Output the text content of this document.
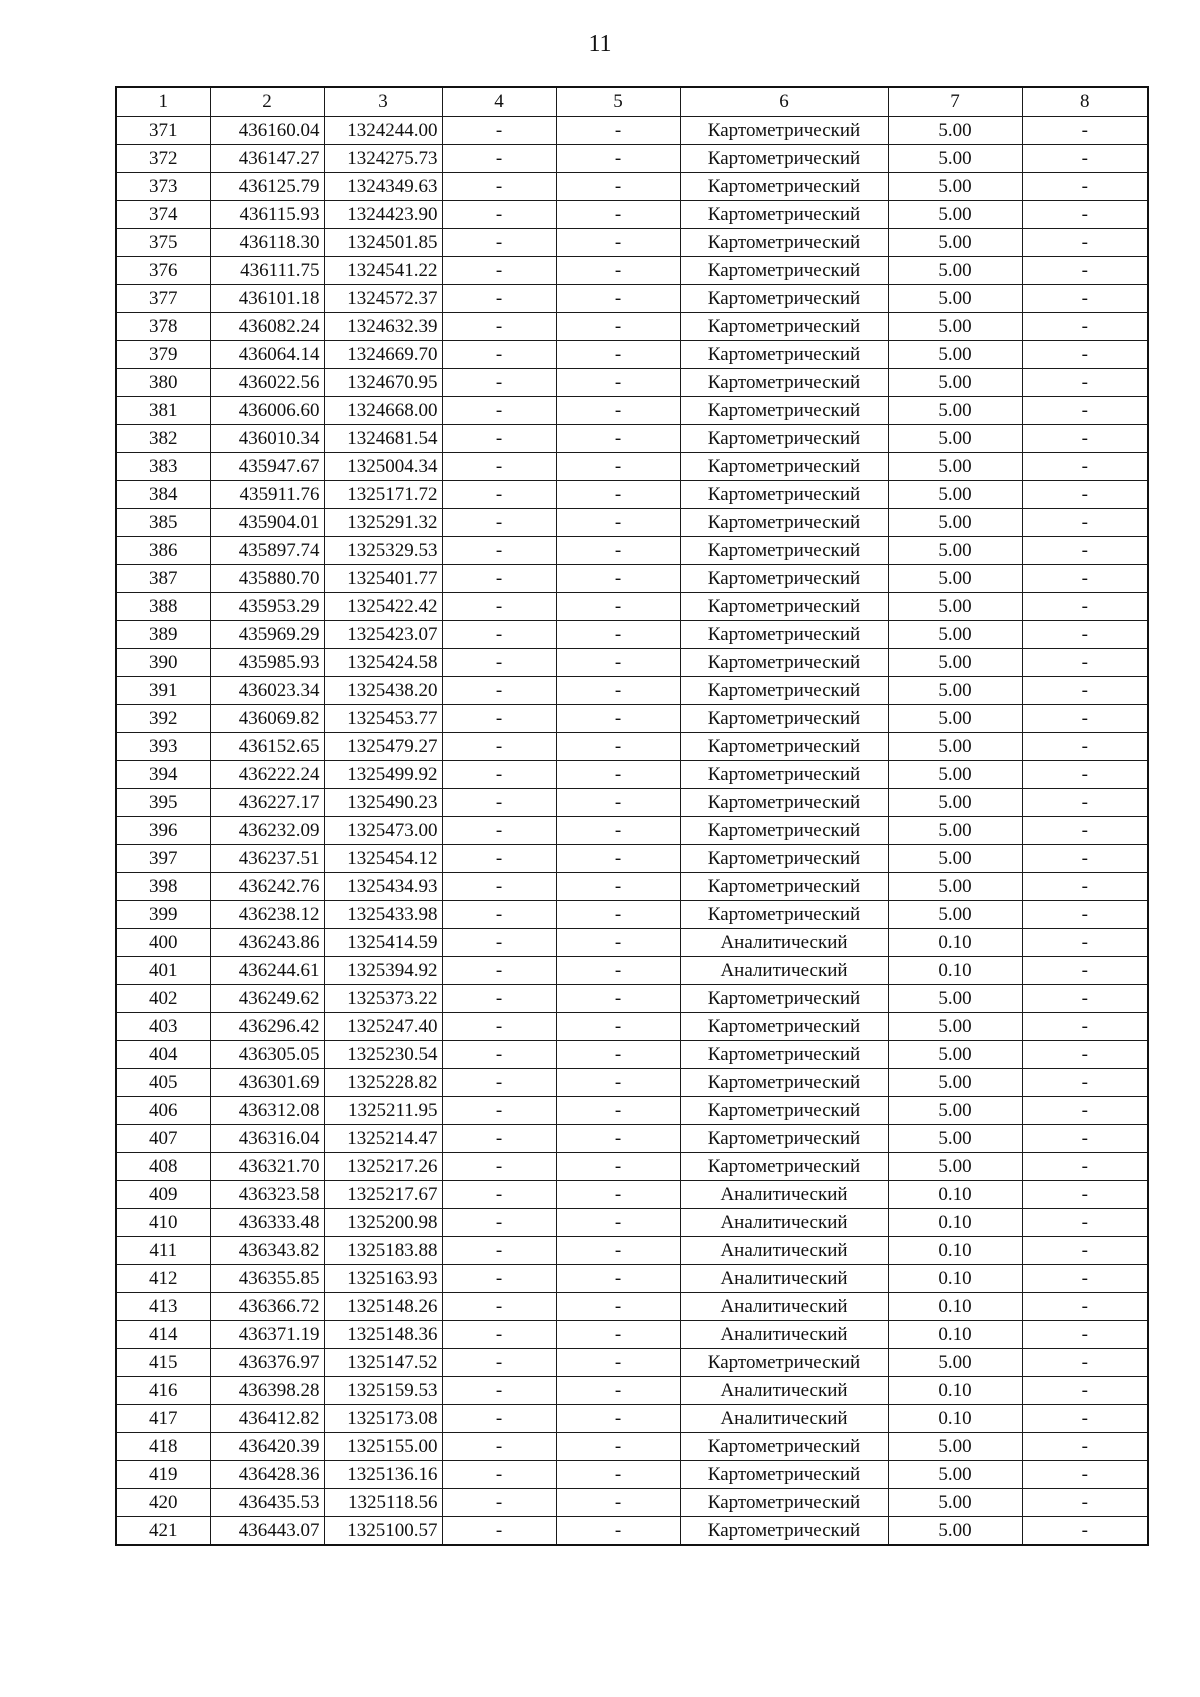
11
1	2	3	4	5	6	7	8
371	436160.04	1324244.00	-	-	Картометрический	5.00	-
372	436147.27	1324275.73	-	-	Картометрический	5.00	-
373	436125.79	1324349.63	-	-	Картометрический	5.00	-
374	436115.93	1324423.90	-	-	Картометрический	5.00	-
375	436118.30	1324501.85	-	-	Картометрический	5.00	-
376	436111.75	1324541.22	-	-	Картометрический	5.00	-
377	436101.18	1324572.37	-	-	Картометрический	5.00	-
378	436082.24	1324632.39	-	-	Картометрический	5.00	-
379	436064.14	1324669.70	-	-	Картометрический	5.00	-
380	436022.56	1324670.95	-	-	Картометрический	5.00	-
381	436006.60	1324668.00	-	-	Картометрический	5.00	-
382	436010.34	1324681.54	-	-	Картометрический	5.00	-
383	435947.67	1325004.34	-	-	Картометрический	5.00	-
384	435911.76	1325171.72	-	-	Картометрический	5.00	-
385	435904.01	1325291.32	-	-	Картометрический	5.00	-
386	435897.74	1325329.53	-	-	Картометрический	5.00	-
387	435880.70	1325401.77	-	-	Картометрический	5.00	-
388	435953.29	1325422.42	-	-	Картометрический	5.00	-
389	435969.29	1325423.07	-	-	Картометрический	5.00	-
390	435985.93	1325424.58	-	-	Картометрический	5.00	-
391	436023.34	1325438.20	-	-	Картометрический	5.00	-
392	436069.82	1325453.77	-	-	Картометрический	5.00	-
393	436152.65	1325479.27	-	-	Картометрический	5.00	-
394	436222.24	1325499.92	-	-	Картометрический	5.00	-
395	436227.17	1325490.23	-	-	Картометрический	5.00	-
396	436232.09	1325473.00	-	-	Картометрический	5.00	-
397	436237.51	1325454.12	-	-	Картометрический	5.00	-
398	436242.76	1325434.93	-	-	Картометрический	5.00	-
399	436238.12	1325433.98	-	-	Картометрический	5.00	-
400	436243.86	1325414.59	-	-	Аналитический	0.10	-
401	436244.61	1325394.92	-	-	Аналитический	0.10	-
402	436249.62	1325373.22	-	-	Картометрический	5.00	-
403	436296.42	1325247.40	-	-	Картометрический	5.00	-
404	436305.05	1325230.54	-	-	Картометрический	5.00	-
405	436301.69	1325228.82	-	-	Картометрический	5.00	-
406	436312.08	1325211.95	-	-	Картометрический	5.00	-
407	436316.04	1325214.47	-	-	Картометрический	5.00	-
408	436321.70	1325217.26	-	-	Картометрический	5.00	-
409	436323.58	1325217.67	-	-	Аналитический	0.10	-
410	436333.48	1325200.98	-	-	Аналитический	0.10	-
411	436343.82	1325183.88	-	-	Аналитический	0.10	-
412	436355.85	1325163.93	-	-	Аналитический	0.10	-
413	436366.72	1325148.26	-	-	Аналитический	0.10	-
414	436371.19	1325148.36	-	-	Аналитический	0.10	-
415	436376.97	1325147.52	-	-	Картометрический	5.00	-
416	436398.28	1325159.53	-	-	Аналитический	0.10	-
417	436412.82	1325173.08	-	-	Аналитический	0.10	-
418	436420.39	1325155.00	-	-	Картометрический	5.00	-
419	436428.36	1325136.16	-	-	Картометрический	5.00	-
420	436435.53	1325118.56	-	-	Картометрический	5.00	-
421	436443.07	1325100.57	-	-	Картометрический	5.00	-
